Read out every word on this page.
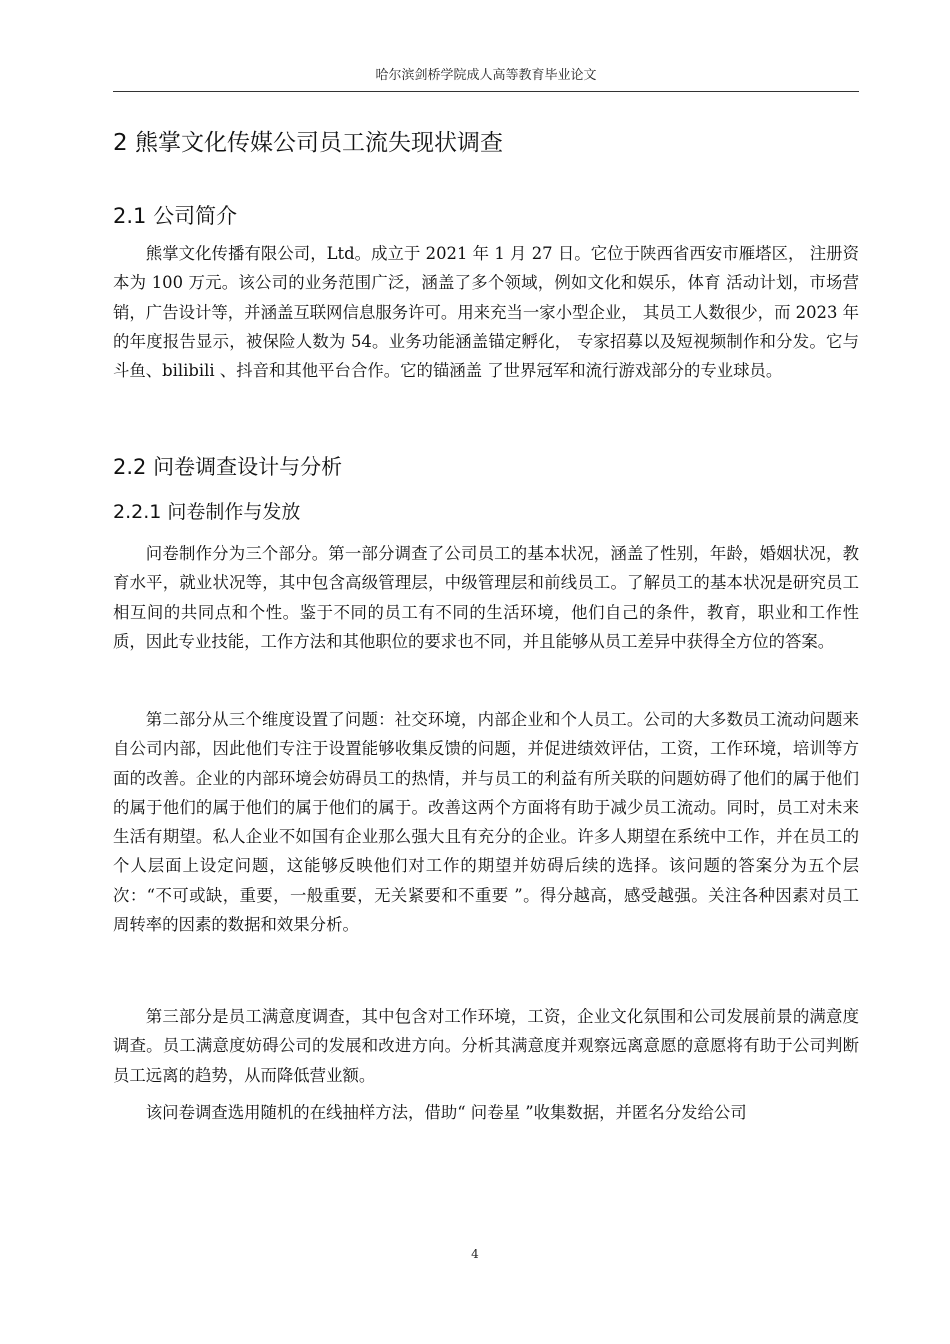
哈尔滨剑桥学院成人高等教育毕业论文
2 熊掌文化传媒公司员工流失现状调查
2.1 公司简介

熊掌文化传播有限公司，Ltd。成立于 2021 年 1 月 27 日。它位于陕西省西安市雁塔区， 注册资本为 100 万元。该公司的业务范围广泛，涵盖了多个领域，例如文化和娱乐，体育 活动计划，市场营销，广告设计等，并涵盖互联网信息服务许可。用来充当一家小型企业， 其员工人数很少，而 2023 年的年度报告显示，被保险人数为 54。业务功能涵盖锚定孵化， 专家招募以及短视频制作和分发。它与斗鱼、bilibili 、抖音和其他平台合作。它的锚涵盖 了世界冠军和流行游戏部分的专业球员。

2.2 问卷调查设计与分析
2.2.1 问卷制作与发放

问卷制作分为三个部分。第一部分调查了公司员工的基本状况，涵盖了性别，年龄，婚姻状况，教育水平，就业状况等，其中包含高级管理层，中级管理层和前线员工。了解员工的基本状况是研究员工相互间的共同点和个性。鉴于不同的员工有不同的生活环境，他们自己的条件，教育，职业和工作性质，因此专业技能，工作方法和其他职位的要求也不同，并且能够从员工差异中获得全方位的答案。

第二部分从三个维度设置了问题：社交环境，内部企业和个人员工。公司的大多数员工流动问题来自公司内部，因此他们专注于设置能够收集反馈的问题，并促进绩效评估，工资，工作环境，培训等方面的改善。企业的内部环境会妨碍员工的热情，并与员工的利益有所关联的问题妨碍了他们的属于他们的属于他们的属于他们的属于他们的属于。改善这两个方面将有助于减少员工流动。同时，员工对未来生活有期望。私人企业不如国有企业那么强大且有充分的企业。许多人期望在系统中工作，并在员工的个人层面上设定问题，这能够反映他们对工作的期望并妨碍后续的选择。该问题的答案分为五个层次：“不可或缺，重要，一般重要，无关紧要和不重要 ”。得分越高，感受越强。关注各种因素对员工 周转率的因素的数据和效果分析。

第三部分是员工满意度调查，其中包含对工作环境，工资，企业文化氛围和公司发展前景的满意度调查。员工满意度妨碍公司的发展和改进方向。分析其满意度并观察远离意愿的意愿将有助于公司判断员工远离的趋势，从而降低营业额。

该问卷调查选用随机的在线抽样方法，借助“ 问卷星 ”收集数据，并匿名分发给公司

4
